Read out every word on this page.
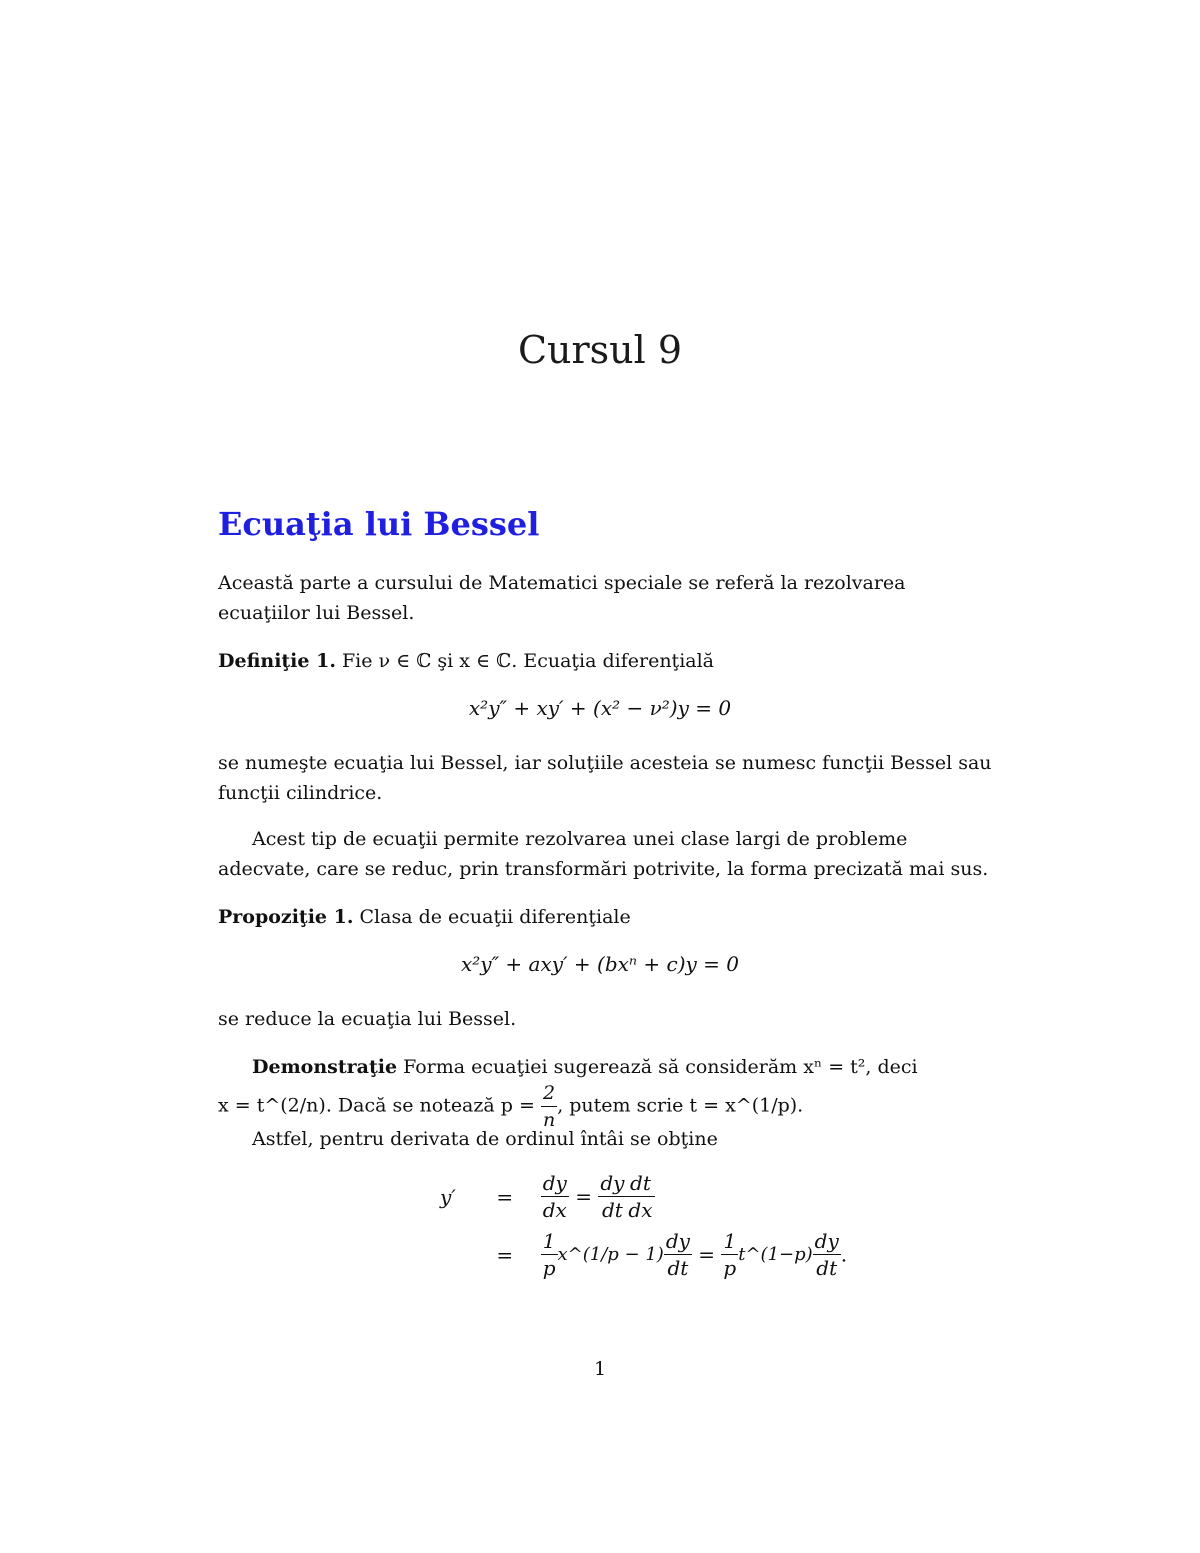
Cursul 9
Ecuaţia lui Bessel
Această parte a cursului de Matematici speciale se referă la rezolvarea ecuaţiilor lui Bessel.
Definiţie 1. Fie ν ∈ ℂ şi x ∈ ℂ. Ecuaţia diferenţială
x²y″ + xy′ + (x² − ν²)y = 0
se numeşte ecuaţia lui Bessel, iar soluţiile acesteia se numesc funcţii Bessel sau funcţii cilindrice.
Acest tip de ecuaţii permite rezolvarea unei clase largi de probleme adecvate, care se reduc, prin transformări potrivite, la forma precizată mai sus.
Propoziţie 1. Clasa de ecuaţii diferenţiale
x²y″ + axy′ + (bxⁿ + c)y = 0
se reduce la ecuaţia lui Bessel.
Demonstraţie Forma ecuaţiei sugerează să considerăm xⁿ = t², deci
x = t^(2/n). Dacă se notează $p = \frac{2}{n}$ , putem scrie t = x^(1/p).
Astfel, pentru derivata de ordinul întâi se obţine
$y' = \frac{dy}{dx} = \frac{dy}{dt} \frac{dt}{dx}$
= $\frac{1}{p}$ x^(1/p − $1) \frac{dy}{dt} = \frac{1}{p}$ t^(1−p) $\frac{dy}{dt}$ .
1
